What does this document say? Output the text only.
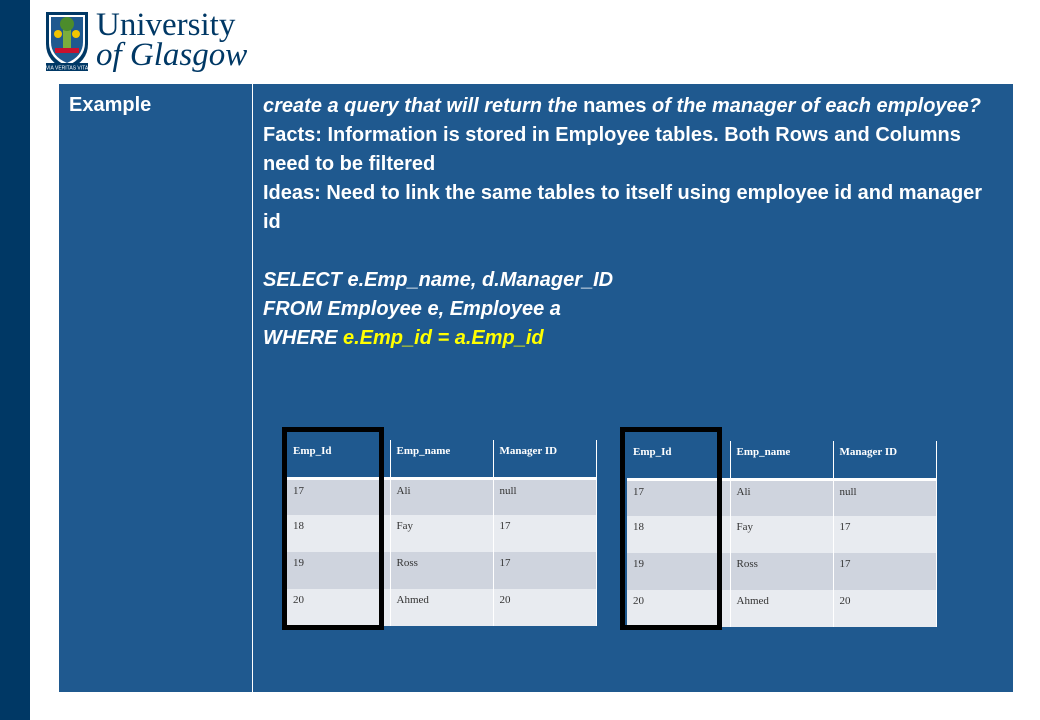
VIA VERITAS VITA
University
of Glasgow
Example	create a query that will return the names of the manager of each employee?
Facts: Information is stored in Employee tables. Both Rows and Columns need to be filtered
Ideas: Need to link the same tables to itself using employee id and manager id
SELECT e.Emp_name, d.Manager_ID
FROM Employee e, Employee a
WHERE e.Emp_id = a.Emp_id
Emp_Id	Emp_name	Manager ID
17	Ali	null
18	Fay	17
19	Ross	17
20	Ahmed	20
Emp_Id	Emp_name	Manager ID
17	Ali	null
18	Fay	17
19	Ross	17
20	Ahmed	20
